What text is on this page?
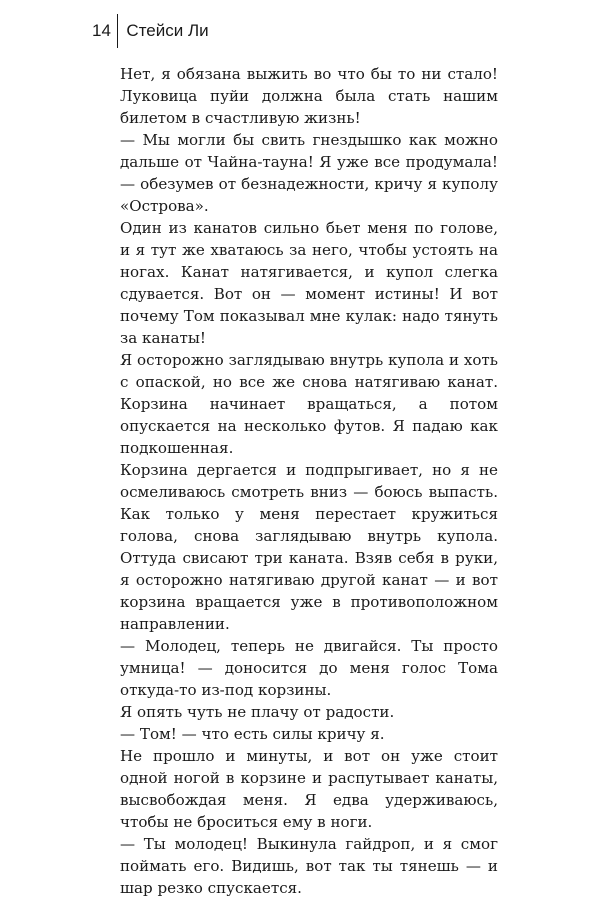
14 Стейси Ли

Нет, я обязана выжить во что бы то ни стало! Луковица пуйи должна была стать нашим билетом в счастливую жизнь!

— Мы могли бы свить гнездышко как можно дальше от Чайна-тауна! Я уже все продумала! — обезумев от безнадежности, кричу я куполу «Острова».

Один из канатов сильно бьет меня по голове, и я тут же хватаюсь за него, чтобы устоять на ногах. Канат натягивается, и купол слегка сдувается. Вот он — момент истины! И вот почему Том показывал мне кулак: надо тянуть за канаты!

Я осторожно заглядываю внутрь купола и хоть с опаской, но все же снова натягиваю канат. Корзина начинает вращаться, а потом опускается на несколько футов. Я падаю как подкошенная.

Корзина дергается и подпрыгивает, но я не осмеливаюсь смотреть вниз — боюсь выпасть. Как только у меня перестает кружиться голова, снова заглядываю внутрь купола. Оттуда свисают три каната. Взяв себя в руки, я осторожно натягиваю другой канат — и вот корзина вращается уже в противоположном направлении.

— Молодец, теперь не двигайся. Ты просто умница! — доносится до меня голос Тома откуда-то из-под корзины.

Я опять чуть не плачу от радости.

— Том! — что есть силы кричу я.

Не прошло и минуты, и вот он уже стоит одной ногой в корзине и распутывает канаты, высвобождая меня. Я едва удерживаюсь, чтобы не броситься ему в ноги.

— Ты молодец! Выкинула гайдроп, и я смог поймать его. Видишь, вот так ты тянешь — и шар резко спускается.
